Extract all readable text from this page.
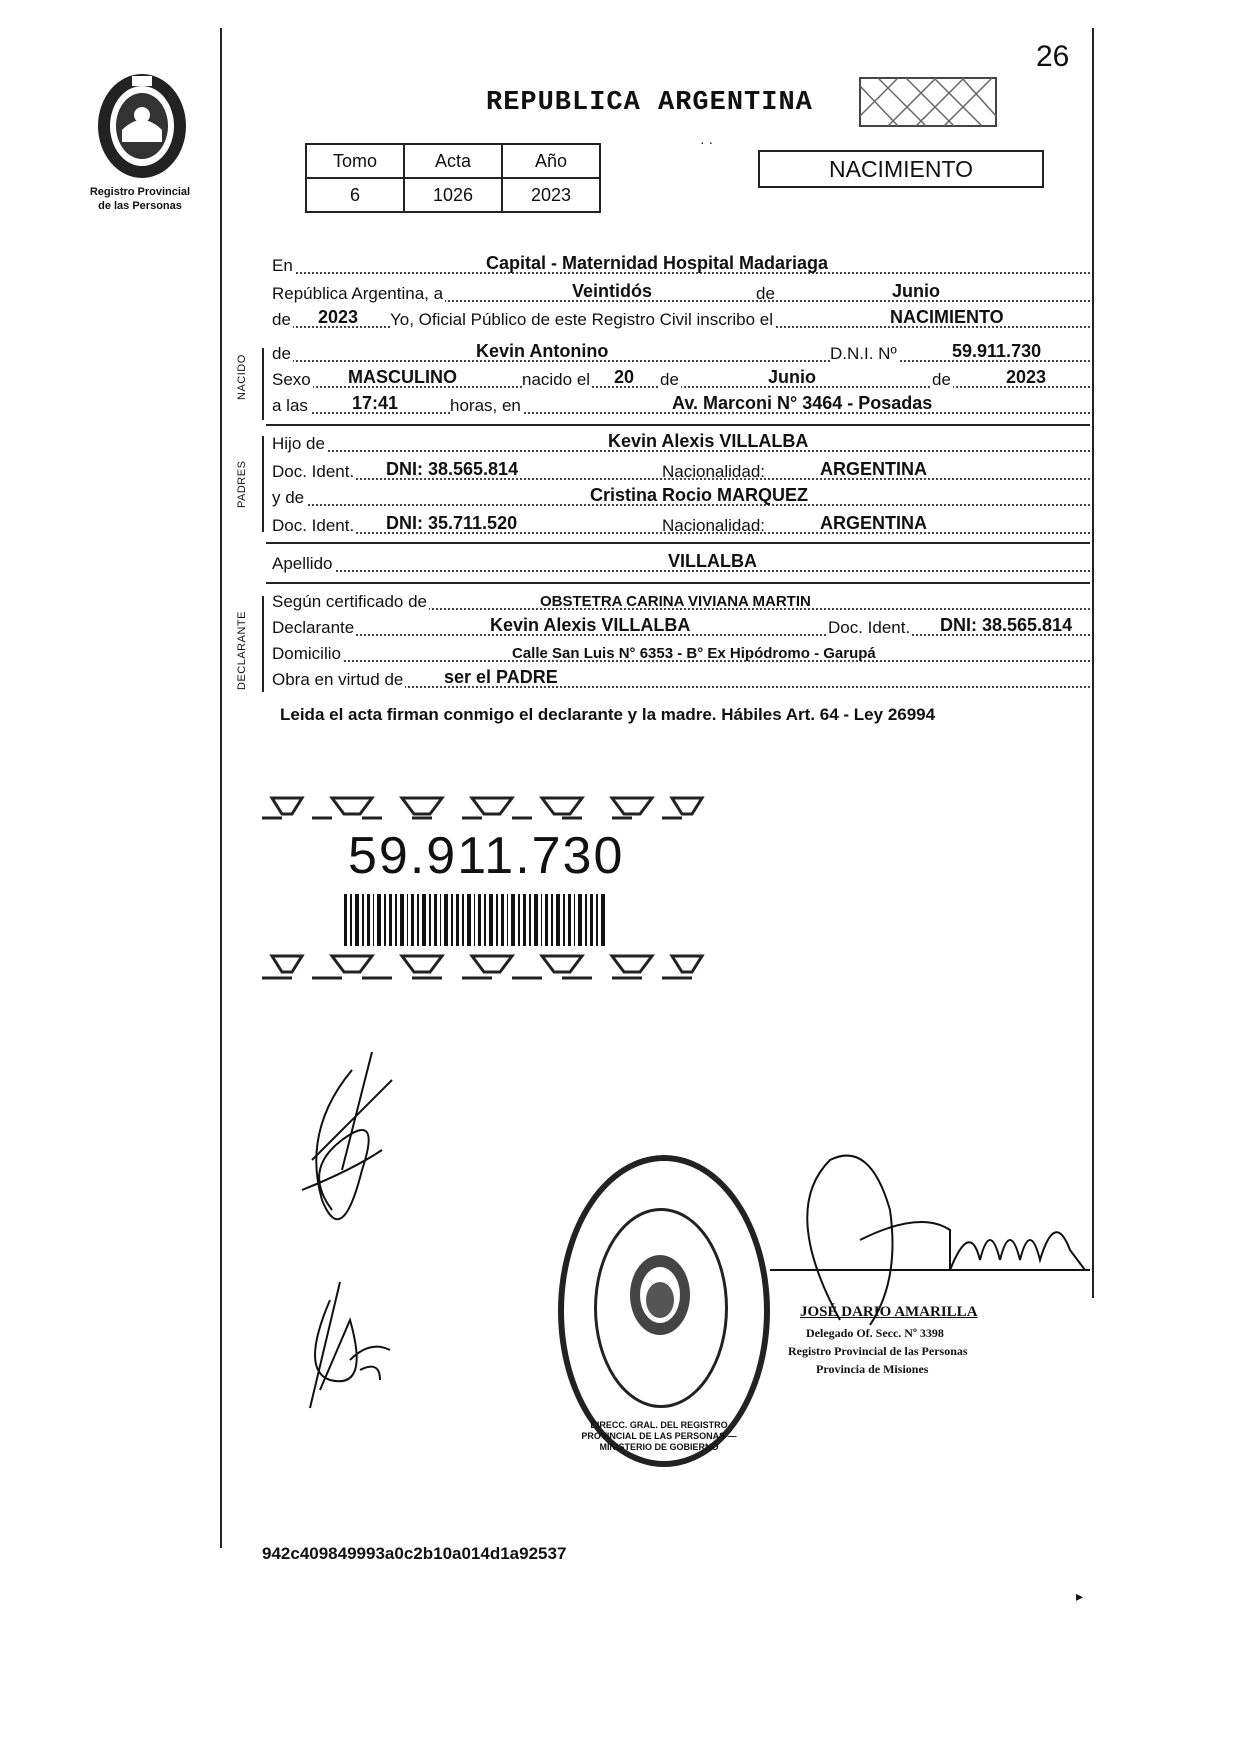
26
Registro Provincial
de las Personas
REPUBLICA ARGENTINA
Tomo	Acta	Año
6	1026	2023
· ·
NACIMIENTO
En	Capital - Maternidad Hospital Madariaga
República Argentina, a	Veintidós	de	Junio
de 2023 Yo, Oficial Público de este Registro Civil inscribo el	NACIMIENTO
de	Kevin Antonino	D.N.I. Nº	59.911.730
Sexo MASCULINO	nacido el 20 de	Junio	de	2023
a las 17:41	horas, en	Av. Marconi N° 3464 - Posadas
Hijo de	Kevin Alexis VILLALBA
Doc. Ident. DNI: 38.565.814	Nacionalidad:	ARGENTINA
y de	Cristina Rocio MARQUEZ
Doc. Ident. DNI: 35.711.520	Nacionalidad:	ARGENTINA
Apellido	VILLALBA
Según certificado de	OBSTETRA CARINA VIVIANA MARTIN
Declarante	Kevin Alexis VILLALBA	Doc. Ident. DNI: 38.565.814
Domicilio	Calle San Luis N° 6353 - B° Ex Hipódromo - Garupá
Obra en virtud de ser el PADRE
NACIDO
PADRES
DECLARANTE
Leida el acta firman conmigo el declarante y la madre. Hábiles Art. 64 - Ley 26994
59.911.730
DIRECC. GRAL. DEL REGISTRO PROVINCIAL DE LAS PERSONAS — MINISTERIO DE GOBIERNO
JOSÉ DARIO AMARILLA
Delegado Of. Secc. Nº 3398
Registro Provincial de las Personas
Provincia de Misiones
942c409849993a0c2b10a014d1a92537
▸
